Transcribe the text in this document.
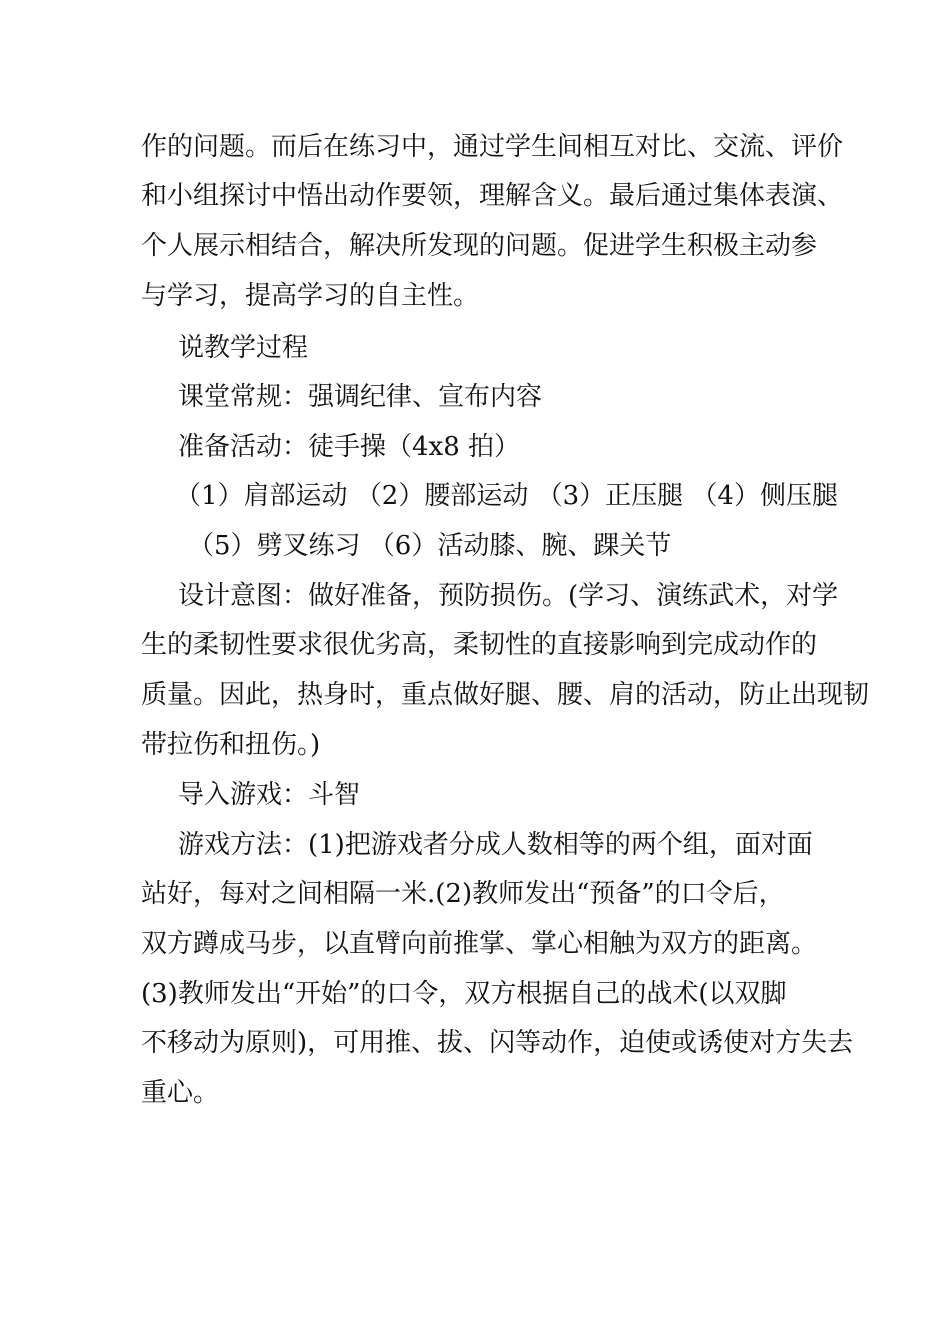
作的问题。而后在练习中，通过学生间相互对比、交流、评价
和小组探讨中悟出动作要领，理解含义。最后通过集体表演、
个人展示相结合，解决所发现的问题。促进学生积极主动参
与学习，提高学习的自主性。
说教学过程
课堂常规：强调纪律、宣布内容
准备活动：徒手操（4x8 拍）
（1）肩部运动 （2）腰部运动 （3）正压腿 （4）侧压腿
（5）劈叉练习 （6）活动膝、腕、踝关节
设计意图：做好准备，预防损伤。(学习、演练武术，对学
生的柔韧性要求很优劣高，柔韧性的直接影响到完成动作的
质量。因此，热身时，重点做好腿、腰、肩的活动，防止出现韧
带拉伤和扭伤。)
导入游戏：斗智
游戏方法：(1)把游戏者分成人数相等的两个组，面对面
站好，每对之间相隔一米.(2)教师发出“预备”的口令后，
双方蹲成马步，以直臂向前推掌、掌心相触为双方的距离。
(3)教师发出“开始”的口令，双方根据自己的战术(以双脚
不移动为原则)，可用推、拔、闪等动作，迫使或诱使对方失去
重心。
